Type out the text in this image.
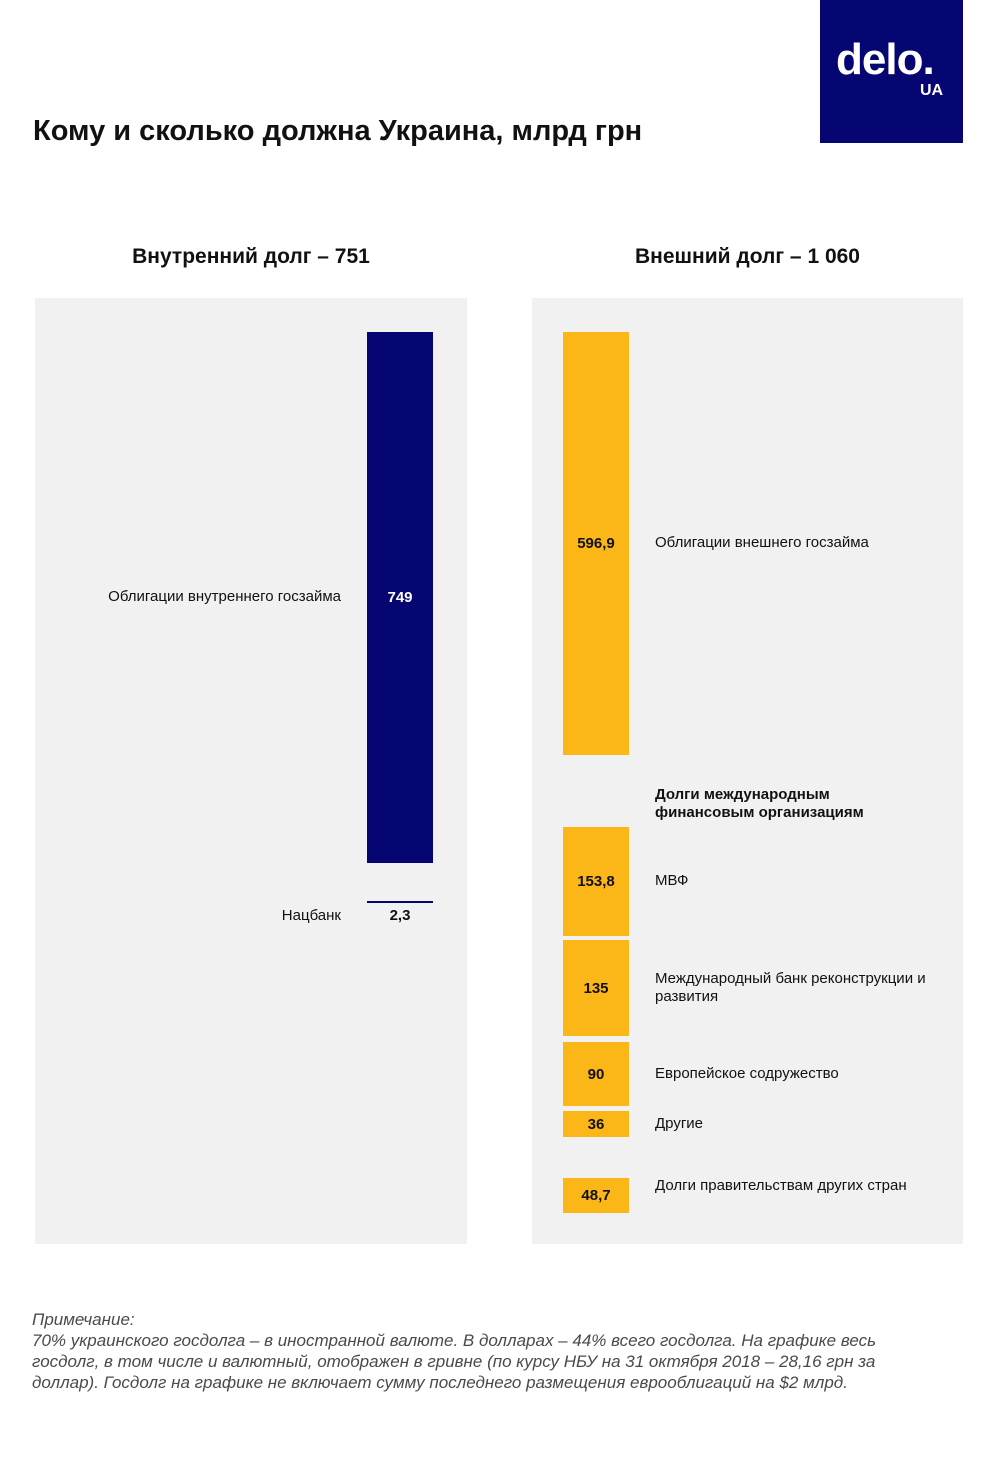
delo.
UA
Кому и сколько должна Украина, млрд грн
Внутренний долг – 751	Внешний долг – 1 060
749
2,3
Облигации внутреннего госзайма
Нацбанк
596,9
153,8
135
90
36
48,7
Долги международным финансовым организациям
Облигации внешнего госзайма
МВФ
Международный банк реконструкции и развития
Европейское содружество
Другие
Долги правительствам других стран

Примечание:

70% украинского госдолга – в иностранной валюте. В долларах – 44% всего госдолга. На графике весь госдолг, в том числе и валютный, отображен в гривне (по курсу НБУ на 31 октября 2018 – 28,16 грн за доллар). Госдолг на графике не включает сумму последнего размещения еврооблигаций на $2 млрд.
